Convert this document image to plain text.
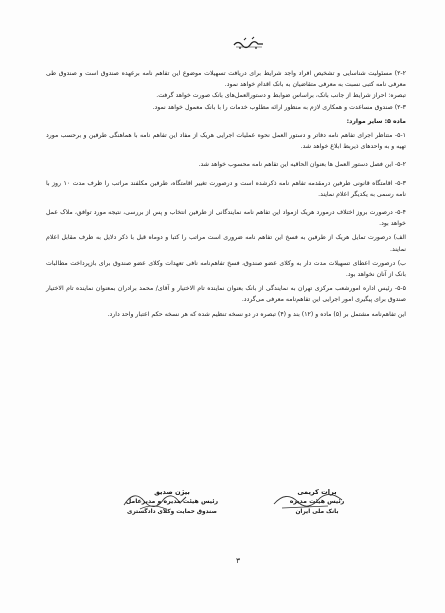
۲-۲) مسئولیت شناسایی و تشخیص افراد واجد شرایط برای دریافت تسهیلات موضوع این تفاهم نامه برعهده صندوق است و صندوق طی معرفی نامه کتبی نسبت به معرفی متقاضیان به بانک اقدام خواهد نمود.

تبصره: احراز شرایط از جانب بانک، براساس ضوابط و دستورالعمل‌های بانک صورت خواهد گرفت.

۲-۳) صندوق مساعدت و همکاری لازم به منظور ارائه مطلوب خدمات را با بانک معمول خواهد نمود.

ماده ۵: سایر موارد:

۵-۱- متناظر اجرای تفاهم نامه دفاتر و دستور العمل نحوه عملیات اجرایی هریک از مفاد این تفاهم نامه با هماهنگی طرفین و برحسب مورد تهیه و به واحدهای ذیربط ابلاغ خواهد شد.

۵-۲- این فصل دستور العمل ها بعنوان الحاقیه این تفاهم نامه محسوب خواهد شد.

۵-۳- اقامتگاه قانونی طرفین درمقدمه تفاهم نامه ذکرشده است و درصورت تغییر اقامتگاه، طرفین مکلفند مراتب را ظرف مدت ۱۰ روز با نامه رسمی به یکدیگر اعلام نمایند.

۵-۴- درصورت بروز اختلاف درمورد هریک ازمواد این تفاهم نامه نمایندگانی از طرفین انتخاب و پس از بررسی، نتیجه مورد توافق، ملاک عمل خواهد بود.

الف) درصورت تمایل هریک از طرفین به فسخ این تفاهم نامه ضروری است مراتب را کتبا و دوماه قبل با ذکر دلایل به طرف مقابل اعلام نمایند.

ب) درصورت اعطای تسهیلات مدت دار به وکلای عضو صندوق، فسخ تفاهم‌نامه نافی تعهدات وکلای عضو صندوق برای بازپرداخت مطالبات بانک از آنان نخواهد بود.

۵-۵- رئیس اداره امورشعب مرکزی تهران به نمایندگی از بانک بعنوان نماینده تام الاختیار و آقای/ محمد برادران بمعنوان نماینده تام الاختیار صندوق برای پیگیری امور اجرایی این تفاهم‌نامه معرفی می‌گردد.

این تفاهم‌نامه مشتمل بر (۵) ماده و (۱۲) بند و (۴) تبصره در دو نسخه تنظیم شده که هر نسخه حکم اعتبار واحد دارد.

بیژن صدیق
رئیس هیئت مدیره و مدیرعامل
صندوق حمایت وکلای دادگستری
برات کریمی
رئیس هیئت مدیره
بانک ملی ایران
۳
